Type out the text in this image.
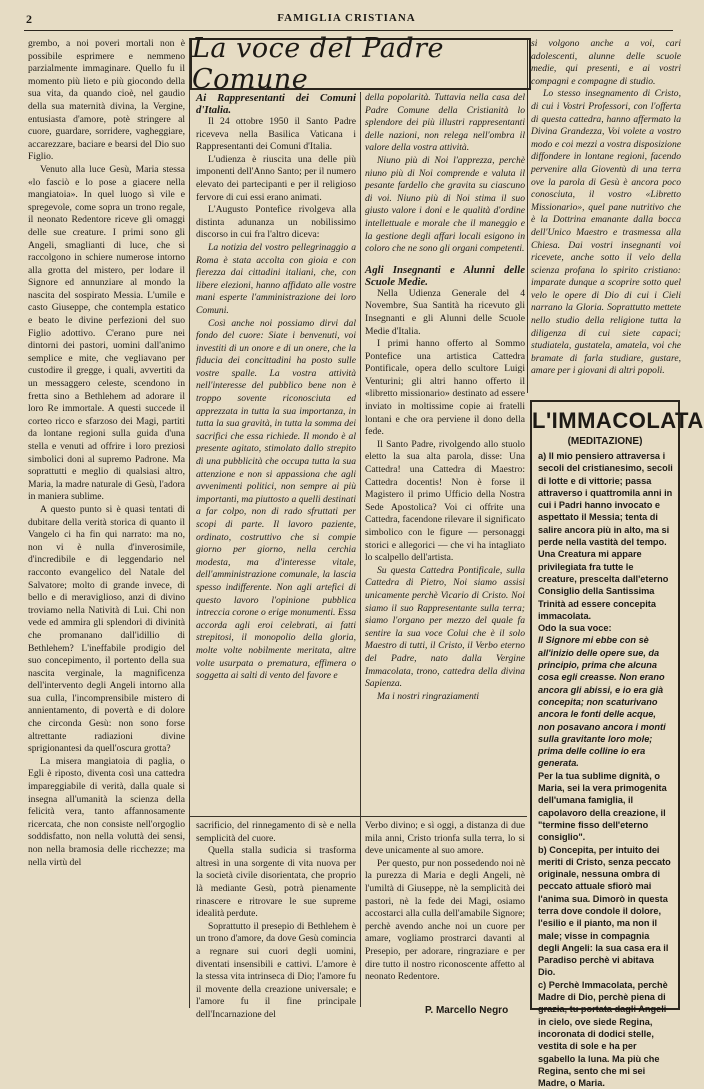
2	FAMIGLIA CRISTIANA
La voce del Padre Comune

grembo, a noi poveri mortali non è possibile esprimere e nemmeno parzialmente immaginare. Quello fu il momento più lieto e più giocondo della sua vita, da quando cioè, nel gaudio della sua maternità divina, la Vergine, entusiasta d'amore, potè stringere al cuore, guardare, sorridere, vagheggiare, accarezzare, baciare e bearsi del Dio suo Figlio.

Venuto alla luce Gesù, Maria stessa «lo fasciò e lo pose a giacere nella mangiatoia». In quel luogo sì vile e spregevole, come sopra un trono regale, il neonato Redentore riceve gli omaggi delle sue creature. I primi sono gli Angeli, smaglianti di luce, che si raccolgono in schiere numerose intorno alla grotta del mistero, per lodare il Signore ed annunziare al mondo la nascita del sospirato Messia. L'umile e casto Giuseppe, che contempla estatico e beato le divine perfezioni del suo Figlio adottivo. C'erano pure nei dintorni dei pastori, uomini dall'animo semplice e mite, che vegliavano per custodire il gregge, i quali, avvertiti da un messaggero celeste, scendono in fretta sino a Bethlehem ad adorare il loro Re immortale. A questi succede il corteo ricco e sfarzoso dei Magi, partiti da lontane regioni sulla guida d'una stella e venuti ad offrire i loro preziosi simbolici doni al supremo Padrone. Ma soprattutti e meglio di qualsiasi altro, Maria, la madre naturale di Gesù, l'adora in maniera sublime.

A questo punto si è quasi tentati di dubitare della verità storica di quanto il Vangelo ci ha fin qui narrato: ma no, non vi è nulla d'inverosimile, d'incredibile e di leggendario nel racconto evangelico del Natale del Salvatore; molto di grande invece, di bello e di meraviglioso, anzi di divino troviamo nella Natività di Lui. Chi non vede ed ammira gli splendori di divinità che promanano dall'idillio di Bethlehem? L'ineffabile prodigio del suo concepimento, il portento della sua nascita verginale, la magnificenza dell'intervento degli Angeli intorno alla sua culla, l'incomprensibile mistero di annientamento, di povertà e di dolore che circonda Gesù: non sono forse altrettante radiazioni divine sprigionantesi da quell'oscura grotta?

La misera mangiatoia di paglia, o Egli è riposto, diventa così una cattedra impareggiabile di verità, dalla quale si insegna all'umanità la scienza della felicità vera, tanto affannosamente ricercata, che non consiste nell'orgoglio soddisfatto, non nella voluttà dei sensi, non nella bramosia delle ricchezze; ma nella virtù del

Ai Rappresentanti dei Comuni d'Italia.

Il 24 ottobre 1950 il Santo Padre riceveva nella Basilica Vaticana i Rappresentanti dei Comuni d'Italia.

L'udienza è riuscita una delle più imponenti dell'Anno Santo; per il numero elevato dei partecipanti e per il religioso fervore di cui essi erano animati.

L'Augusto Pontefice rivolgeva alla distinta adunanza un nobilissimo discorso in cui fra l'altro diceva:

La notizia del vostro pellegrinaggio a Roma è stata accolta con gioia e con fierezza dai cittadini italiani, che, con libere elezioni, hanno affidato alle vostre mani esperte l'amministrazione dei loro Comuni.

Così anche noi possiamo dirvi dal fondo del cuore: Siate i benvenuti, voi investiti di un onore e di un onere, che la fiducia dei concittadini ha posto sulle vostre spalle. La vostra attività nell'interesse del pubblico bene non è troppo sovente riconosciuta ed apprezzata in tutta la sua importanza, in tutta la sua gravità, in tutta la somma dei sacrifici che essa richiede. Il mondo è al presente agitato, stimolato dallo strepito di una pubblicità che occupa tutta la sua attenzione e non si appassiona che agli avvenimenti politici, non sempre ai più importanti, ma piuttosto a quelli destinati a far colpo, non di rado sfruttati per scopi di parte. Il lavoro paziente, ordinato, costruttivo che si compie giorno per giorno, nella cerchia modesta, ma d'interesse vitale, dell'amministrazione comunale, la lascia spesso indifferente. Non agli artefici di questo lavoro l'opinione pubblica intreccia corone o erige monumenti. Essa accorda agli eroi celebrati, ai fatti strepitosi, il monopolio della gloria, molte volte nobilmente meritata, altre volte usurpata o prematura, effimera o soggetta ai salti di vento del favore e

della popolarità. Tuttavia nella casa del Padre Comune della Cristianità lo splendore dei più illustri rappresentanti delle nazioni, non relega nell'ombra il valore della vostra attività.

Niuno più di Noi l'apprezza, perchè niuno più di Noi comprende e valuta il pesante fardello che gravita su ciascuno di voi. Niuno più di Noi stima il suo giusto valore i doni e le qualità d'ordine intellettuale e morale che il maneggio e la gestione degli affari locali esigono in coloro che ne sono gli organi competenti.

Agli Insegnanti e Alunni delle Scuole Medie.

Nella Udienza Generale del 4 Novembre, Sua Santità ha ricevuto gli Insegnanti e gli Alunni delle Scuole Medie d'Italia.

I primi hanno offerto al Sommo Pontefice una artistica Cattedra Pontificale, opera dello scultore Luigi Venturini; gli altri hanno offerto il «libretto missionario» destinato ad essere inviato in moltissime copie ai fratelli lontani e che ora perviene il dono della fede.

Il Santo Padre, rivolgendo allo stuolo eletto la sua alta parola, disse: Una Cattedra! una Cattedra di Maestro: Cattedra docentis! Non è forse il Magistero il primo Ufficio della Nostra Sede Apostolica? Voi ci offrite una Cattedra, facendone rilevare il significato simbolico con le figure — personaggi storici e allegorici — che vi ha intagliato lo scalpello dell'artista.

Su questa Cattedra Pontificale, sulla Cattedra di Pietro, Noi siamo assisi unicamente perchè Vicario di Cristo. Noi siamo il suo Rappresentante sulla terra; siamo l'organo per mezzo del quale fa sentire la sua voce Colui che è il solo Maestro di tutti, il Cristo, il Verbo eterno del Padre, nato dalla Vergine Immacolata, trono, cattedra della divina Sapienza.

Ma i nostri ringraziamenti

si volgono anche a voi, cari adolescenti, alunne delle scuole medie, qui presenti, e ai vostri compagni e compagne di studio.

Lo stesso insegnamento di Cristo, di cui i Vostri Professori, con l'offerta di questa cattedra, hanno affermato la Divina Grandezza, Voi volete a vostro modo e coi mezzi a vostra disposizione diffondere in lontane regioni, facendo pervenire alla Gioventù di una terra ove la parola di Gesù è ancora poco conosciuta, il vostro «Libretto Missionario», quel pane nutritivo che è la Dottrina emanante dalla bocca dell'Unico Maestro e trasmessa alla Chiesa. Dai vostri insegnanti voi ricevete, anche sotto il velo della scienza profana lo spirito cristiano: imparate dunque a scoprire sotto quel velo le opere di Dio di cui i Cieli narrano la Gloria. Soprattutto mettete nello studio della religione tutta la diligenza di cui siete capaci; studiatela, gustatela, amatela, voi che bramate di farla studiare, gustare, amare per i giovani di altri popoli.

sacrificio, del rinnegamento di sè e nella semplicità del cuore.

Quella stalla sudicia si trasforma altresì in una sorgente di vita nuova per la società civile disorientata, che proprio là mediante Gesù, potrà pienamente rinascere e ritrovare le sue supreme idealità perdute.

Soprattutto il presepio di Bethlehem è un trono d'amore, da dove Gesù comincia a regnare sui cuori degli uomini, diventati insensibili e cattivi. L'amore è la stessa vita intrinseca di Dio; l'amore fu il movente della creazione universale; e l'amore fu il fine principale dell'Incarnazione del

Verbo divino; e sì oggi, a distanza di due mila anni, Cristo trionfa sulla terra, lo si deve unicamente al suo amore.

Per questo, pur non possedendo noi nè la purezza di Maria e degli Angeli, nè l'umiltà di Giuseppe, nè la semplicità dei pastori, nè la fede dei Magi, osiamo accostarci alla culla dell'amabile Signore; perchè avendo anche noi un cuore per amare, vogliamo prostrarci davanti al Presepio, per adorare, ringraziare e per dire tutto il nostro riconoscente affetto al neonato Redentore.

P. Marcello Negro
L'IMMACOLATA
(MEDITAZIONE)

a) Il mio pensiero attraversa i secoli del cristianesimo, secoli di lotte e di vittorie; passa attraverso i quattromila anni in cui i Padri hanno invocato e aspettato il Messia; tenta di salire ancora più in alto, ma si perde nella vastità del tempo. Una Creatura mi appare privilegiata fra tutte le creature, prescelta dall'eterno Consiglio della Santissima Trinità ad essere concepita immacolata.

Odo la sua voce:

Il Signore mi ebbe con sè all'inizio delle opere sue, da principio, prima che alcuna cosa egli creasse. Non erano ancora gli abissi, e io era già concepita; non scaturivano ancora le fonti delle acque, non posavano ancora i monti sulla gravitante loro mole; prima delle colline io era generata.

Per la tua sublime dignità, o Maria, sei la vera primogenita dell'umana famiglia, il capolavoro della creazione, il "termine fisso dell'eterno consiglio".

b) Concepita, per intuito dei meriti di Cristo, senza peccato originale, nessuna ombra di peccato attuale sfiorò mai l'anima sua. Dimorò in questa terra dove condole il dolore, l'esilio e il pianto, ma non il male; visse in compagnia degli Angeli: la sua casa era il Paradiso perchè vi abitava Dio.

c) Perchè Immacolata, perchè Madre di Dio, perchè piena di grazia, tu portata dagli Angeli in cielo, ove siede Regina, incoronata di dodici stelle, vestita di sole e ha per sgabello la luna. Ma più che Regina, sento che mi sei Madre, o Maria.
